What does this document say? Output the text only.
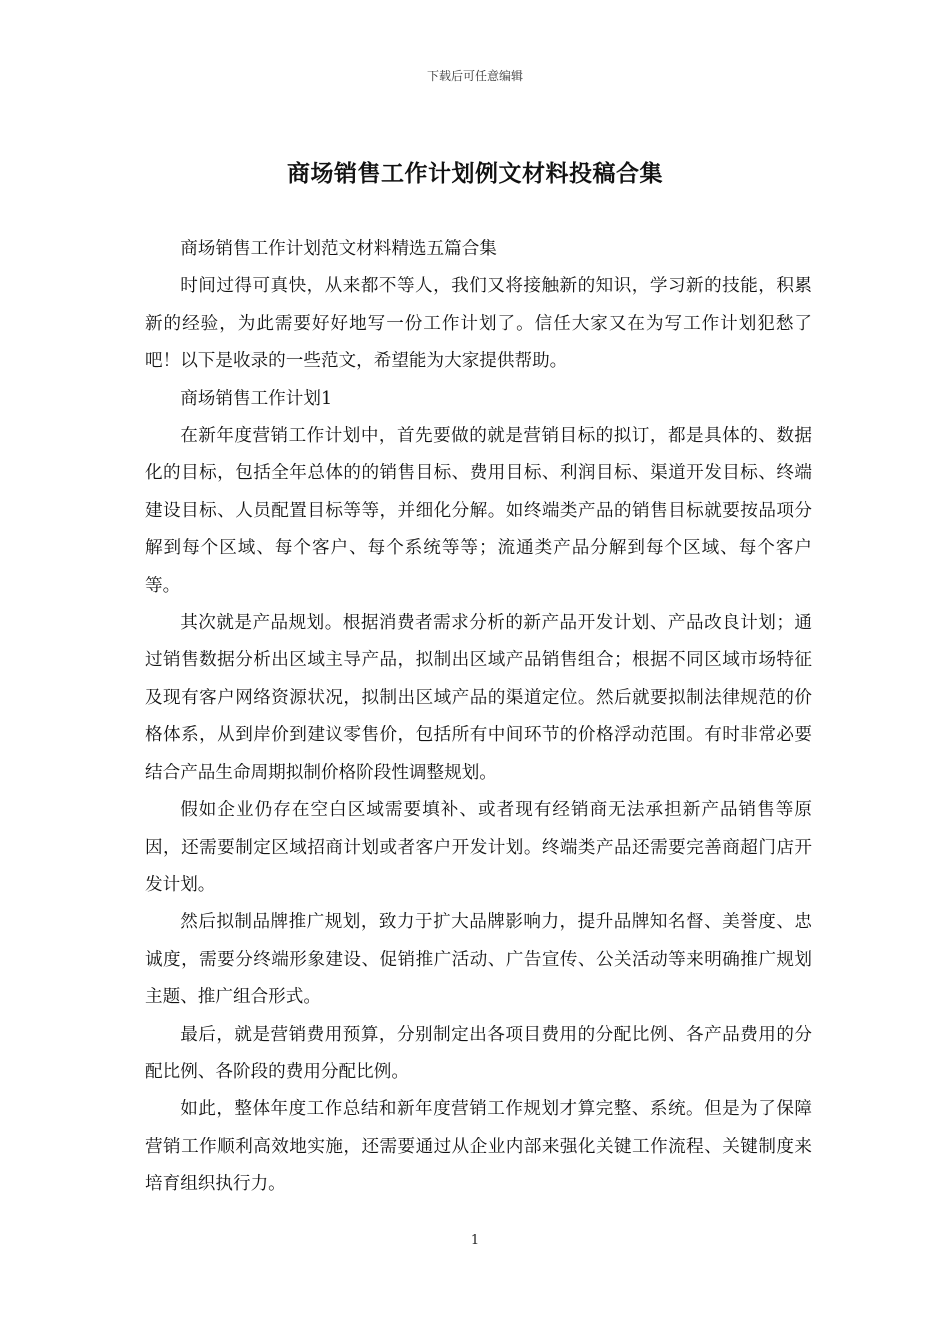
下载后可任意编辑
商场销售工作计划例文材料投稿合集

商场销售工作计划范文材料精选五篇合集

时间过得可真快，从来都不等人，我们又将接触新的知识，学习新的技能，积累新的经验，为此需要好好地写一份工作计划了。信任大家又在为写工作计划犯愁了吧！以下是收录的一些范文，希望能为大家提供帮助。

商场销售工作计划1

在新年度营销工作计划中，首先要做的就是营销目标的拟订，都是具体的、数据化的目标，包括全年总体的的销售目标、费用目标、利润目标、渠道开发目标、终端建设目标、人员配置目标等等，并细化分解。如终端类产品的销售目标就要按品项分解到每个区域、每个客户、每个系统等等；流通类产品分解到每个区域、每个客户等。

其次就是产品规划。根据消费者需求分析的新产品开发计划、产品改良计划；通过销售数据分析出区域主导产品，拟制出区域产品销售组合；根据不同区域市场特征及现有客户网络资源状况，拟制出区域产品的渠道定位。然后就要拟制法律规范的价格体系，从到岸价到建议零售价，包括所有中间环节的价格浮动范围。有时非常必要结合产品生命周期拟制价格阶段性调整规划。

假如企业仍存在空白区域需要填补、或者现有经销商无法承担新产品销售等原因，还需要制定区域招商计划或者客户开发计划。终端类产品还需要完善商超门店开发计划。

然后拟制品牌推广规划，致力于扩大品牌影响力，提升品牌知名督、美誉度、忠诚度，需要分终端形象建设、促销推广活动、广告宣传、公关活动等来明确推广规划主题、推广组合形式。

最后，就是营销费用预算，分别制定出各项目费用的分配比例、各产品费用的分配比例、各阶段的费用分配比例。

如此，整体年度工作总结和新年度营销工作规划才算完整、系统。但是为了保障营销工作顺利高效地实施，还需要通过从企业内部来强化关键工作流程、关键制度来培育组织执行力。

1
